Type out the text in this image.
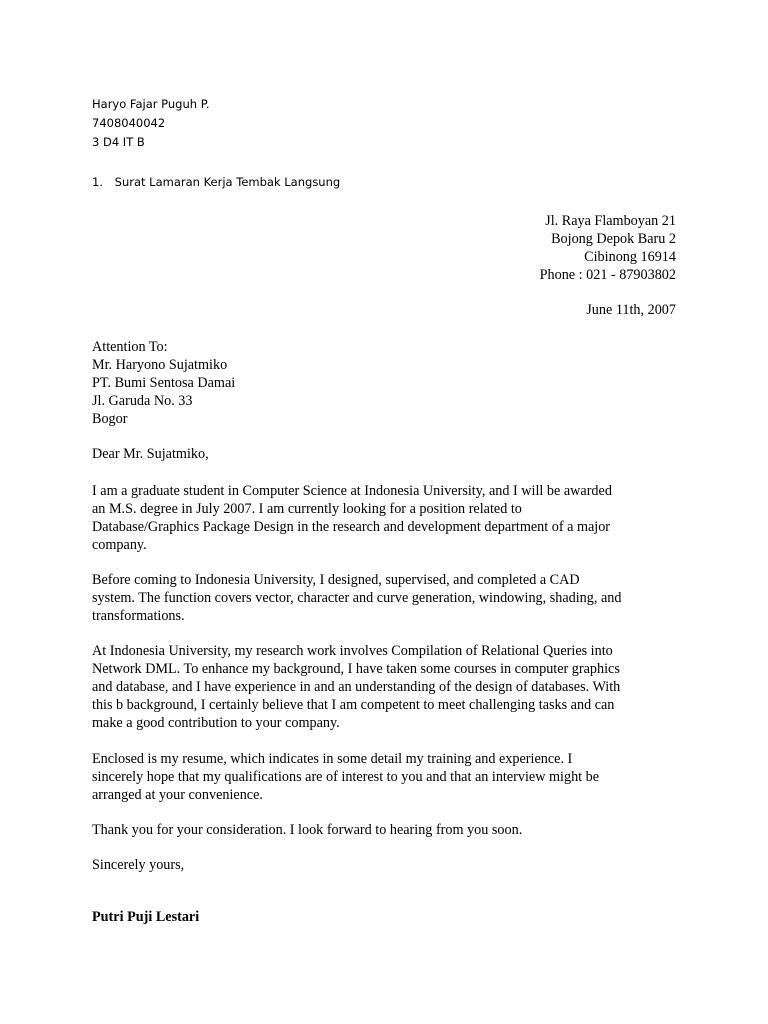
Haryo Fajar Puguh P.
7408040042
3 D4 IT B
1. Surat Lamaran Kerja Tembak Langsung
Jl. Raya Flamboyan 21
Bojong Depok Baru 2
Cibinong 16914
Phone : 021 - 87903802
June 11th, 2007
Attention To:
Mr. Haryono Sujatmiko
PT. Bumi Sentosa Damai
Jl. Garuda No. 33
Bogor
Dear Mr. Sujatmiko,
I am a graduate student in Computer Science at Indonesia University, and I will be awarded
an M.S. degree in July 2007. I am currently looking for a position related to
Database/Graphics Package Design in the research and development department of a major
company.
Before coming to Indonesia University, I designed, supervised, and completed a CAD
system. The function covers vector, character and curve generation, windowing, shading, and
transformations.
At Indonesia University, my research work involves Compilation of Relational Queries into
Network DML. To enhance my background, I have taken some courses in computer graphics
and database, and I have experience in and an understanding of the design of databases. With
this b background, I certainly believe that I am competent to meet challenging tasks and can
make a good contribution to your company.
Enclosed is my resume, which indicates in some detail my training and experience. I
sincerely hope that my qualifications are of interest to you and that an interview might be
arranged at your convenience.
Thank you for your consideration. I look forward to hearing from you soon.
Sincerely yours,
Putri Puji Lestari
